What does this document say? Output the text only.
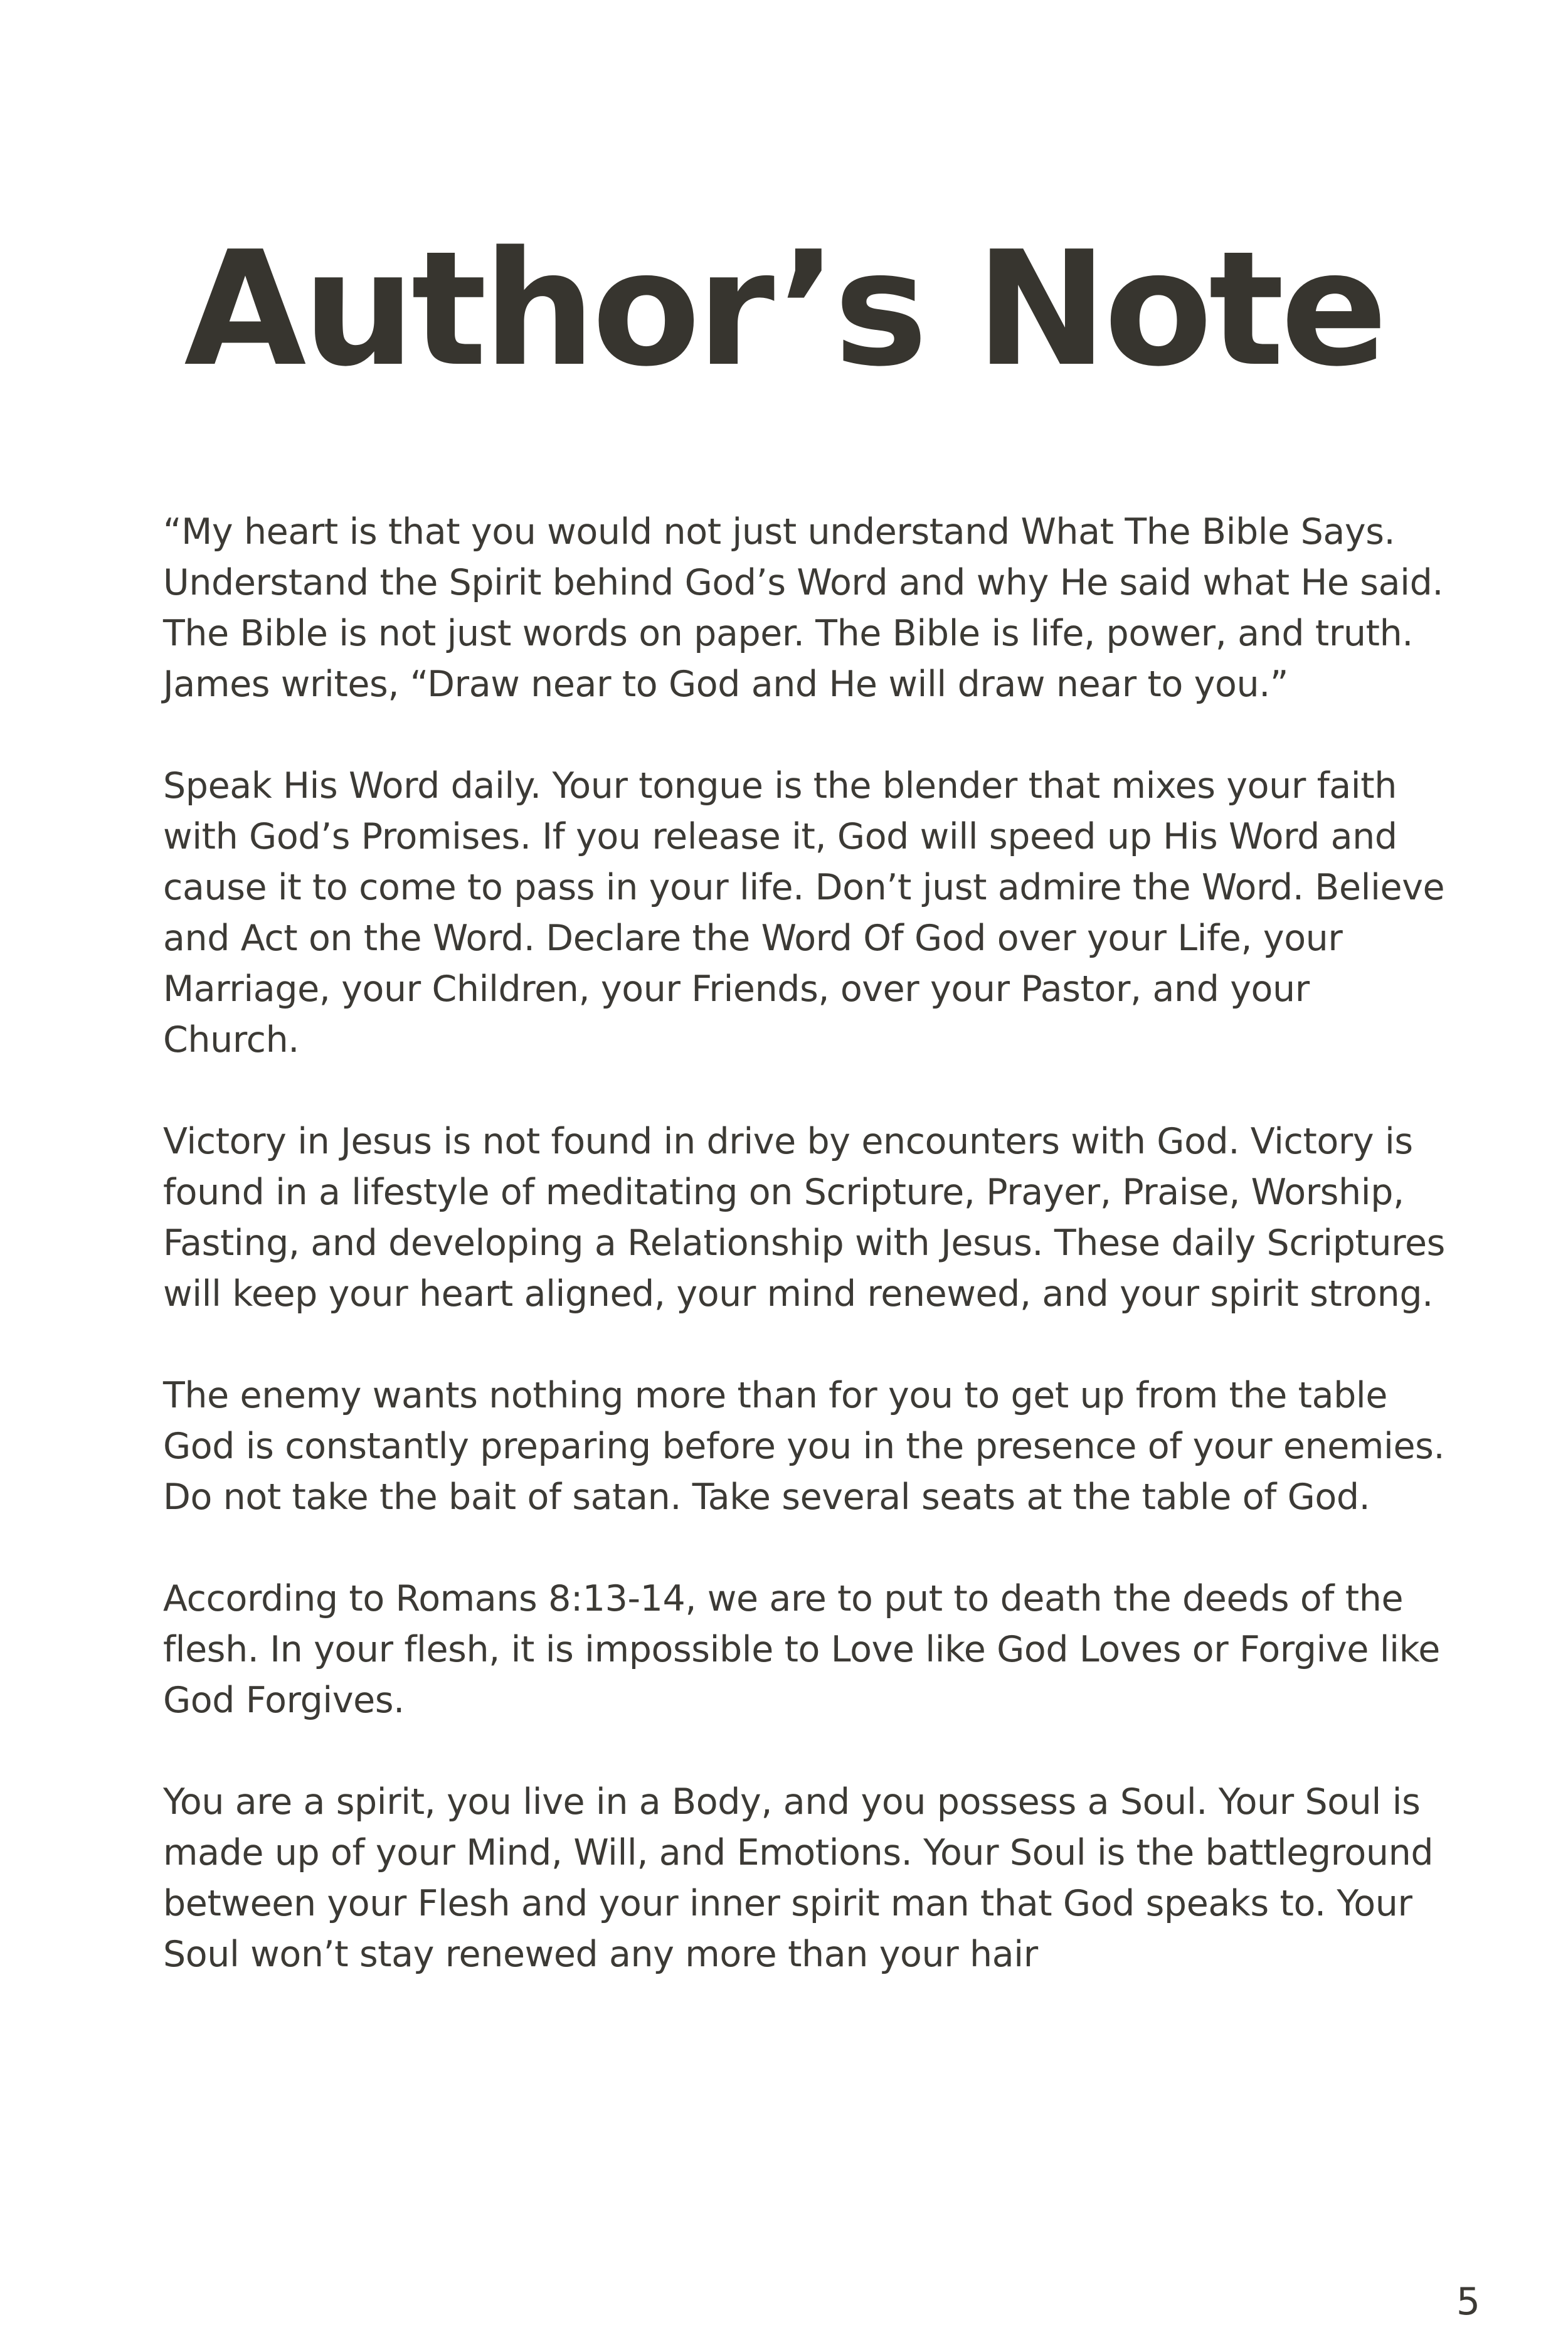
Author’s Note

“My heart is that you would not just understand What The Bible Says. Understand the Spirit behind God’s Word and why He said what He said. The Bible is not just words on paper. The Bible is life, power, and truth. James writes, “Draw near to God and He will draw near to you.”

Speak His Word daily. Your tongue is the blender that mixes your faith with God’s Promises. If you release it, God will speed up His Word and cause it to come to pass in your life. Don’t just admire the Word. Believe and Act on the Word. Declare the Word Of God over your Life, your Marriage, your Children, your Friends, over your Pastor, and your Church.

Victory in Jesus is not found in drive by encounters with God. Victory is found in a lifestyle of meditating on Scripture, Prayer, Praise, Worship, Fasting, and developing a Relationship with Jesus. These daily Scriptures will keep your heart aligned, your mind renewed, and your spirit strong.

The enemy wants nothing more than for you to get up from the table God is constantly preparing before you in the presence of your enemies. Do not take the bait of satan. Take several seats at the table of God.

According to Romans 8:13-14, we are to put to death the deeds of the flesh. In your flesh, it is impossible to Love like God Loves or Forgive like God Forgives.

You are a spirit, you live in a Body, and you possess a Soul. Your Soul is made up of your Mind, Will, and Emotions. Your Soul is the battleground between your Flesh and your inner spirit man that God speaks to. Your Soul won’t stay renewed any more than your hair

5
